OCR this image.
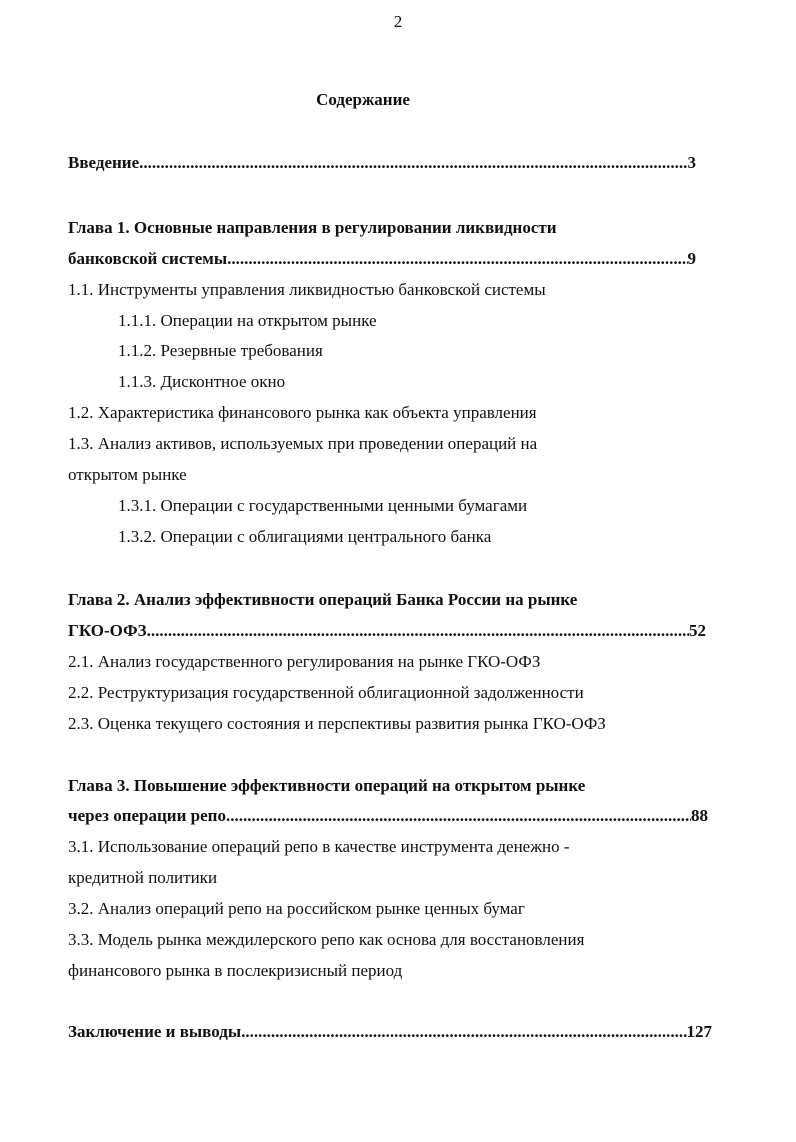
2
Содержание
Введение .....	3
Глава 1. Основные направления в регулировании ликвидности
банковской системы .....	9
1.1. Инструменты управления ликвидностью банковской системы
1.1.1. Операции на открытом рынке
1.1.2. Резервные требования
1.1.3. Дисконтное окно
1.2. Характеристика финансового рынка как объекта управления
1.3. Анализ активов, используемых при проведении операций на
открытом рынке
1.3.1. Операции с государственными ценными бумагами
1.3.2. Операции с облигациями центрального банка
Глава 2. Анализ эффективности операций Банка России на рынке
ГКО-ОФЗ .....	52
2.1. Анализ государственного регулирования на рынке ГКО-ОФЗ
2.2. Реструктуризация государственной облигационной задолженности
2.3. Оценка текущего состояния и перспективы развития рынка ГКО-ОФЗ
Глава 3. Повышение эффективности операций на открытом рынке
через операции репо .....	88
3.1. Использование операций репо в качестве инструмента денежно -
кредитной политики
3.2. Анализ операций репо на российском рынке ценных бумаг
3.3. Модель рынка междилерского репо как основа для восстановления
финансового рынка в послекризисный период
Заключение и выводы .....	127
